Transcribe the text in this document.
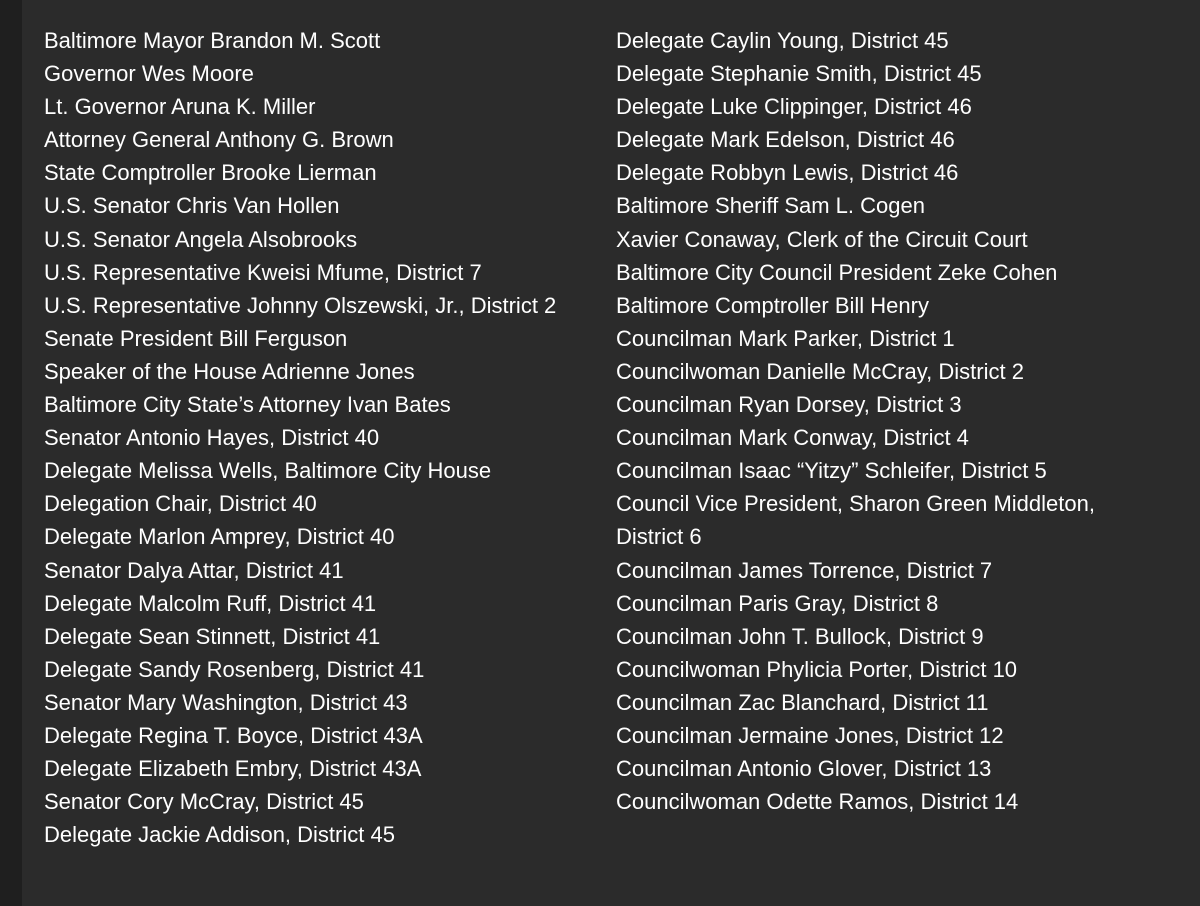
Baltimore Mayor Brandon M. Scott
Governor Wes Moore
Lt. Governor Aruna K. Miller
Attorney General Anthony G. Brown
State Comptroller Brooke Lierman
U.S. Senator Chris Van Hollen
U.S. Senator Angela Alsobrooks
U.S. Representative Kweisi Mfume, District 7
U.S. Representative Johnny Olszewski, Jr., District 2
Senate President Bill Ferguson
Speaker of the House Adrienne Jones
Baltimore City State’s Attorney Ivan Bates
Senator Antonio Hayes, District 40
Delegate Melissa Wells, Baltimore City House
Delegation Chair, District 40
Delegate Marlon Amprey, District 40
Senator Dalya Attar, District 41
Delegate Malcolm Ruff, District 41
Delegate Sean Stinnett, District 41
Delegate Sandy Rosenberg, District 41
Senator Mary Washington, District 43
Delegate Regina T. Boyce, District 43A
Delegate Elizabeth Embry, District 43A
Senator Cory McCray, District 45
Delegate Jackie Addison, District 45
Delegate Caylin Young, District 45
Delegate Stephanie Smith, District 45
Delegate Luke Clippinger, District 46
Delegate Mark Edelson, District 46
Delegate Robbyn Lewis, District 46
Baltimore Sheriff Sam L. Cogen
Xavier Conaway, Clerk of the Circuit Court
Baltimore City Council President Zeke Cohen
Baltimore Comptroller Bill Henry
Councilman Mark Parker, District 1
Councilwoman Danielle McCray, District 2
Councilman Ryan Dorsey, District 3
Councilman Mark Conway, District 4
Councilman Isaac “Yitzy” Schleifer, District 5
Council Vice President, Sharon Green Middleton,
District 6
Councilman James Torrence, District 7
Councilman Paris Gray, District 8
Councilman John T. Bullock, District 9
Councilwoman Phylicia Porter, District 10
Councilman Zac Blanchard, District 11
Councilman Jermaine Jones, District 12
Councilman Antonio Glover, District 13
Councilwoman Odette Ramos, District 14
